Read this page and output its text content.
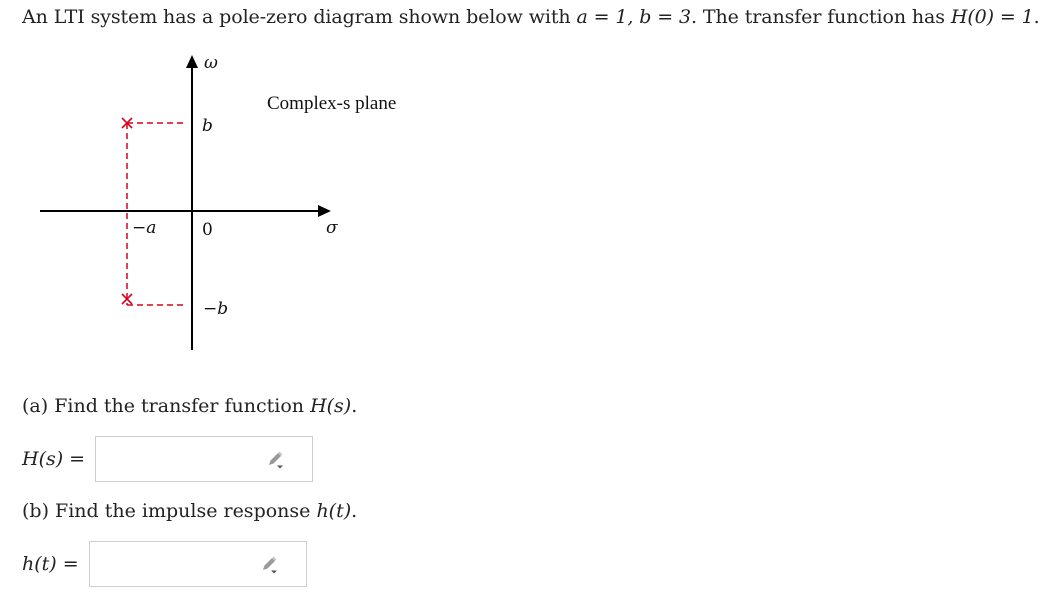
An LTI system has a pole-zero diagram shown below with a = 1, b = 3. The transfer function has H(0) = 1.
ω
σ
Complex-s plane
b
0
−a
−b
(a) Find the transfer function H(s).
H(s) =
(b) Find the impulse response h(t).
h(t) =
